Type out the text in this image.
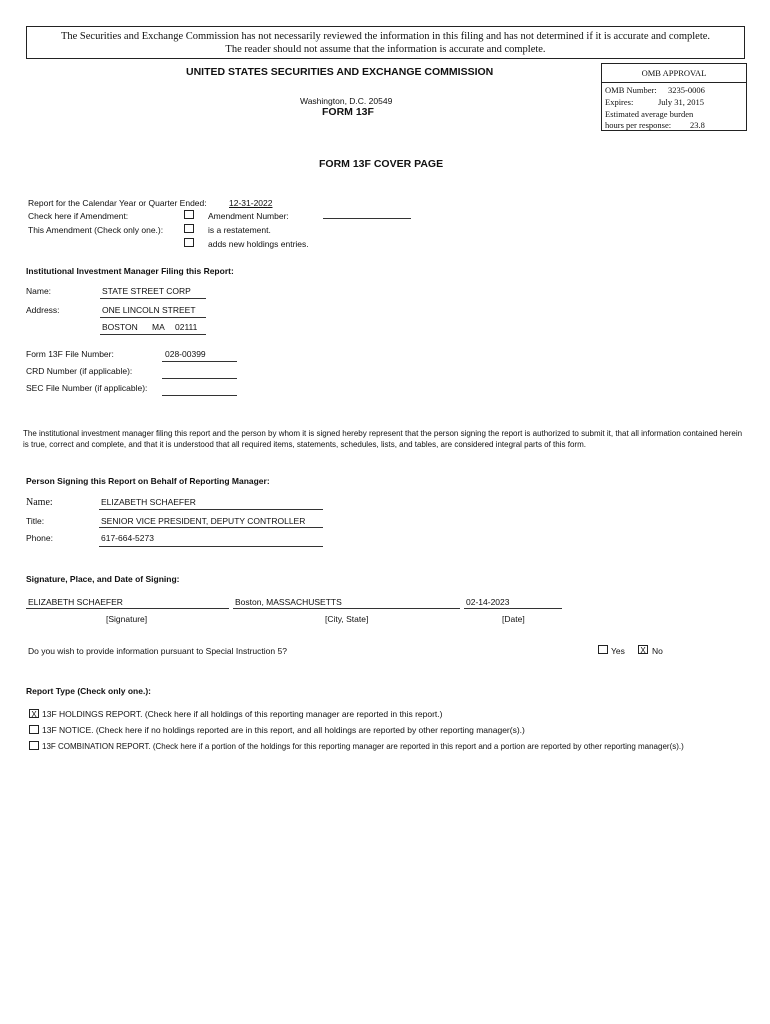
The Securities and Exchange Commission has not necessarily reviewed the information in this filing and has not determined if it is accurate and complete.
The reader should not assume that the information is accurate and complete.
UNITED STATES SECURITIES AND EXCHANGE COMMISSION
Washington, D.C. 20549
FORM 13F
FORM 13F COVER PAGE
OMB APPROVAL
OMB Number: 3235-0006
Expires:	July 31, 2015
Estimated average burden
hours per response: 23.8
Report for the Calendar Year or Quarter Ended:	12-31-2022
Check here if Amendment:	Amendment Number:
This Amendment (Check only one.):	is a restatement.
adds new holdings entries.
Institutional Investment Manager Filing this Report:
Name:	STATE STREET CORP
Address:	ONE LINCOLN STREET
BOSTON MA 02111
Form 13F File Number:	028-00399
CRD Number (if applicable):
SEC File Number (if applicable):
The institutional investment manager filing this report and the person by whom it is signed hereby represent that the person signing the report is authorized to submit it, that all information contained herein is true, correct and complete, and that it is understood that all required items, statements, schedules, lists, and tables, are considered integral parts of this form.
Person Signing this Report on Behalf of Reporting Manager:
Name:	ELIZABETH SCHAEFER
Title:	SENIOR VICE PRESIDENT, DEPUTY CONTROLLER
Phone:	617-664-5273
Signature, Place, and Date of Signing:
ELIZABETH SCHAEFER	Boston, MASSACHUSETTS	02-14-2023
[Signature]	[City, State]	[Date]
Do you wish to provide information pursuant to Special Instruction 5?	Yes X No
Report Type (Check only one.):
X 13F HOLDINGS REPORT. (Check here if all holdings of this reporting manager are reported in this report.)
13F NOTICE. (Check here if no holdings reported are in this report, and all holdings are reported by other reporting manager(s).)
13F COMBINATION REPORT. (Check here if a portion of the holdings for this reporting manager are reported in this report and a portion are reported by other reporting manager(s).)
